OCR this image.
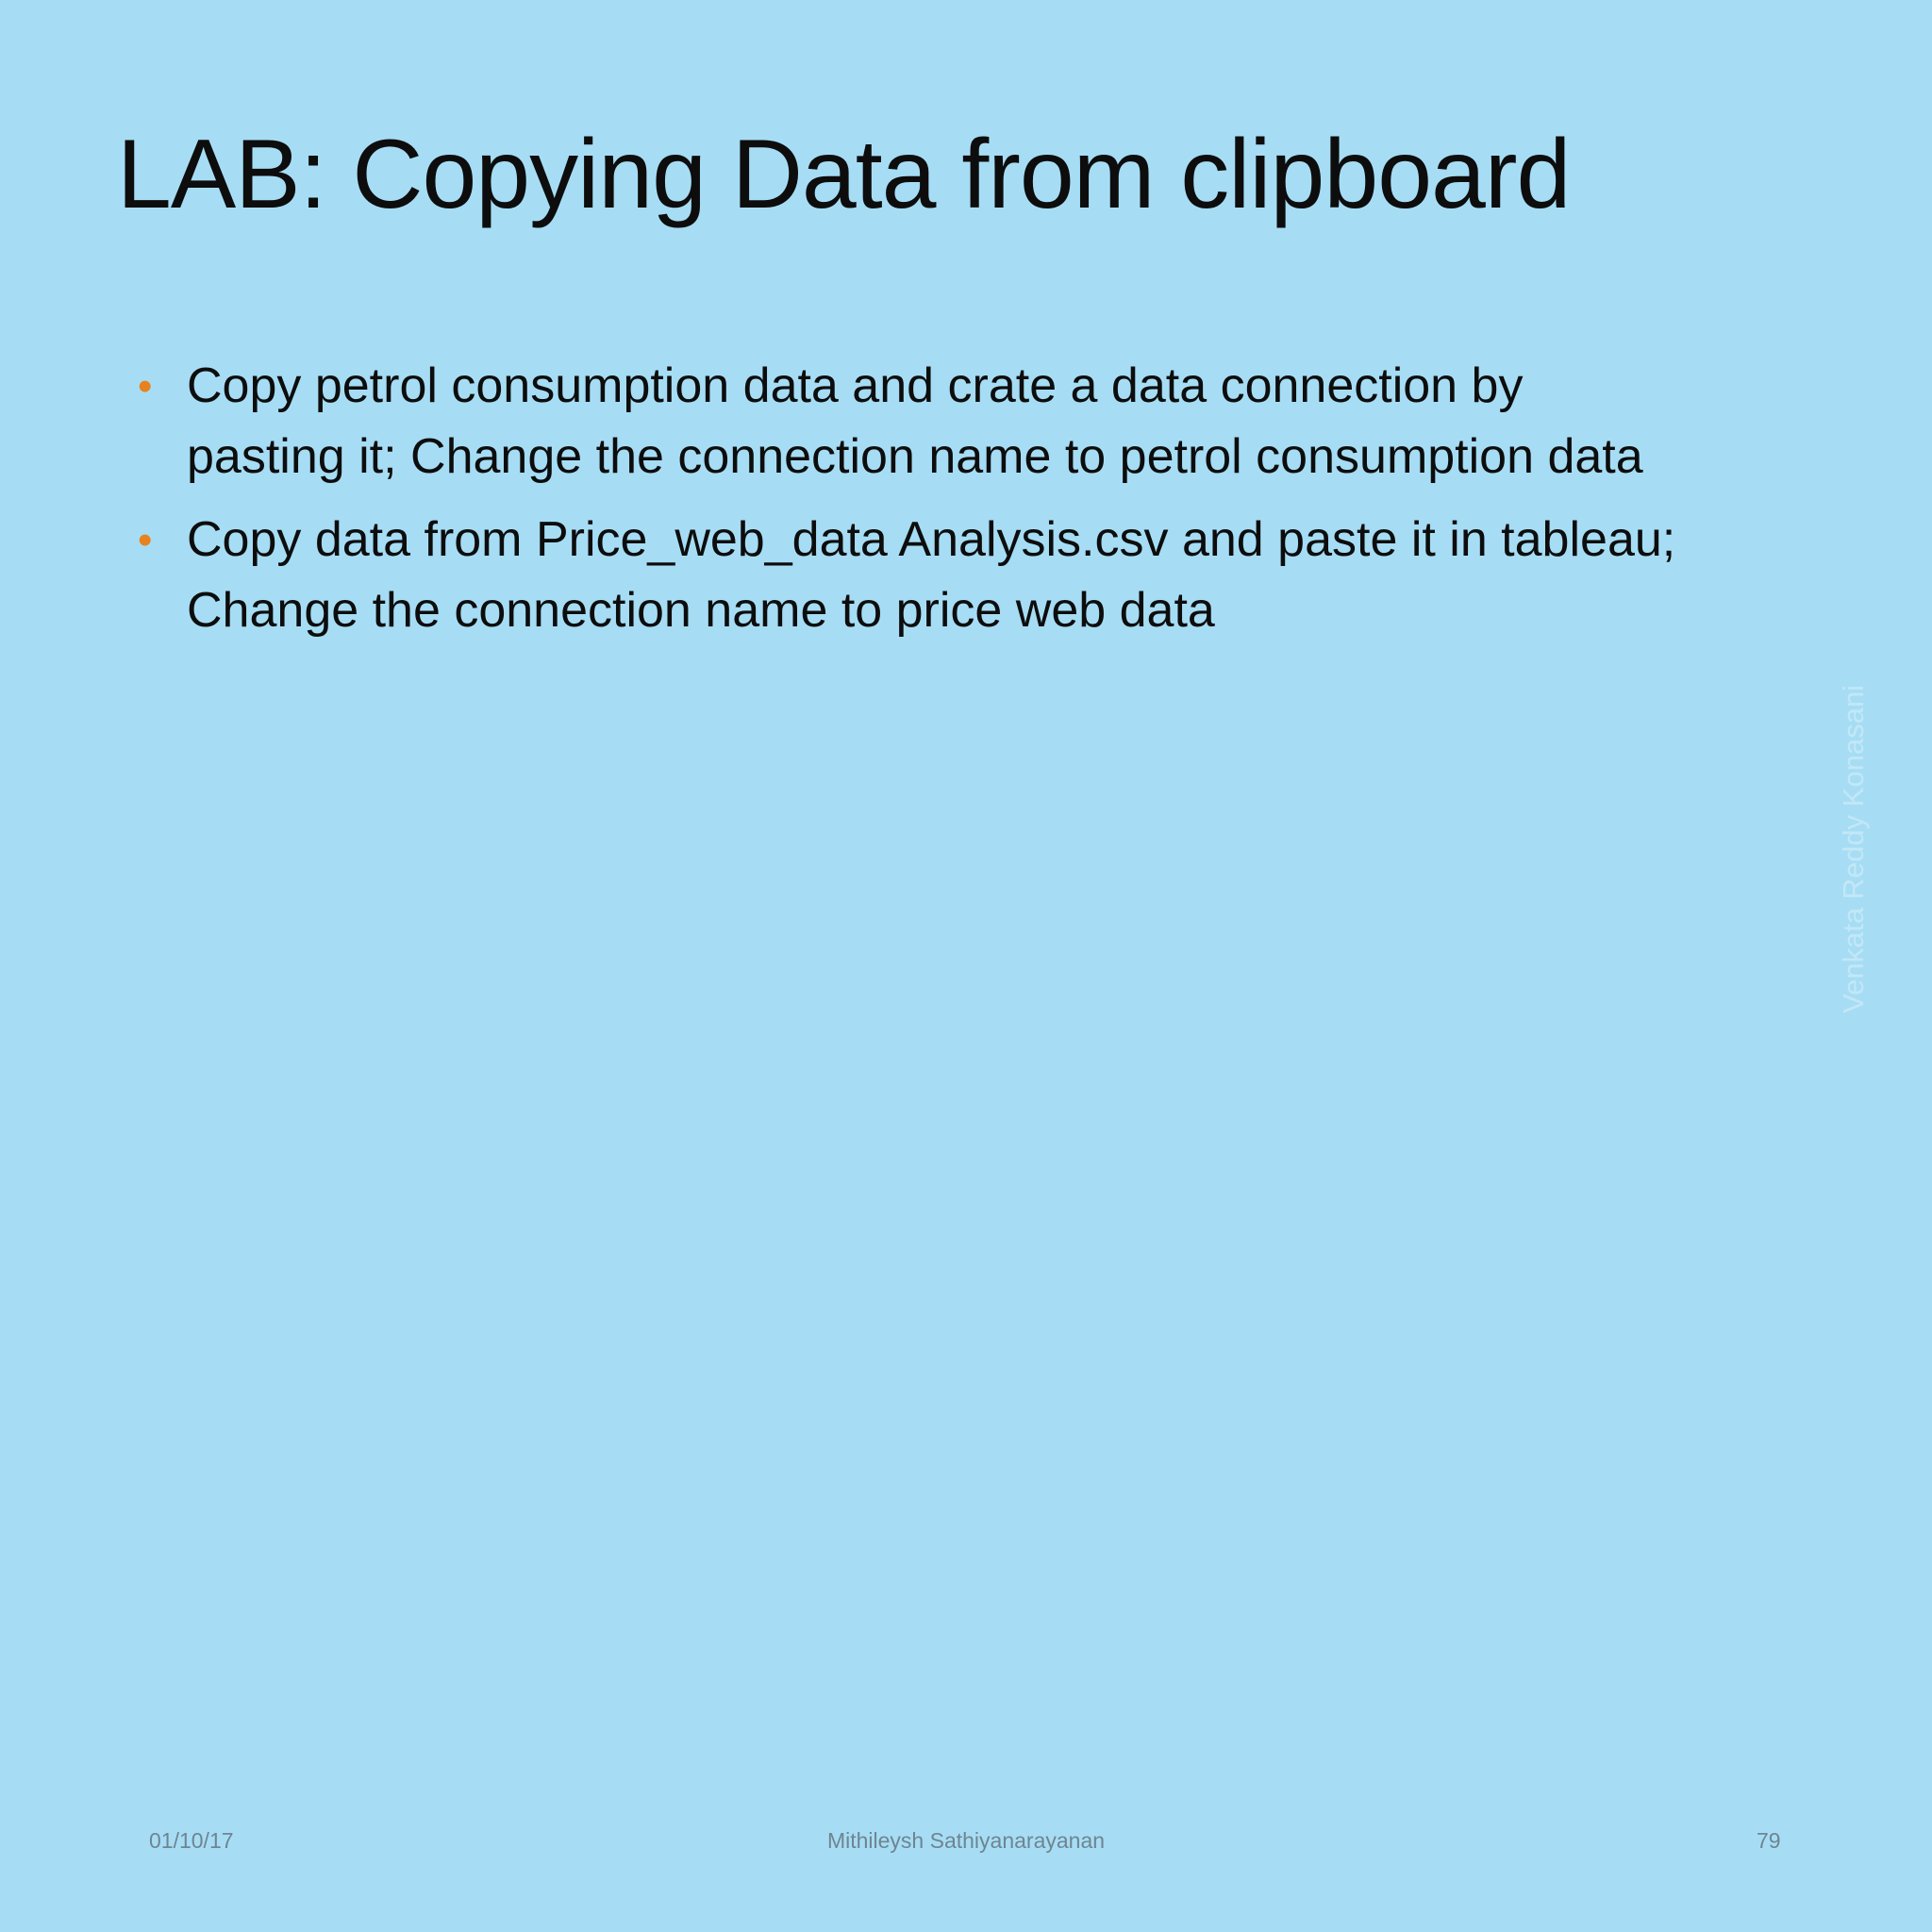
LAB: Copying Data from clipboard
• Copy petrol consumption data and crate a data connection by pasting it; Change the connection name to petrol consumption data
• Copy data from Price_web_data Analysis.csv and paste it in tableau; Change the connection name to price web data
Venkata Reddy Konasani
01/10/17	Mithileysh Sathiyanarayanan	79
